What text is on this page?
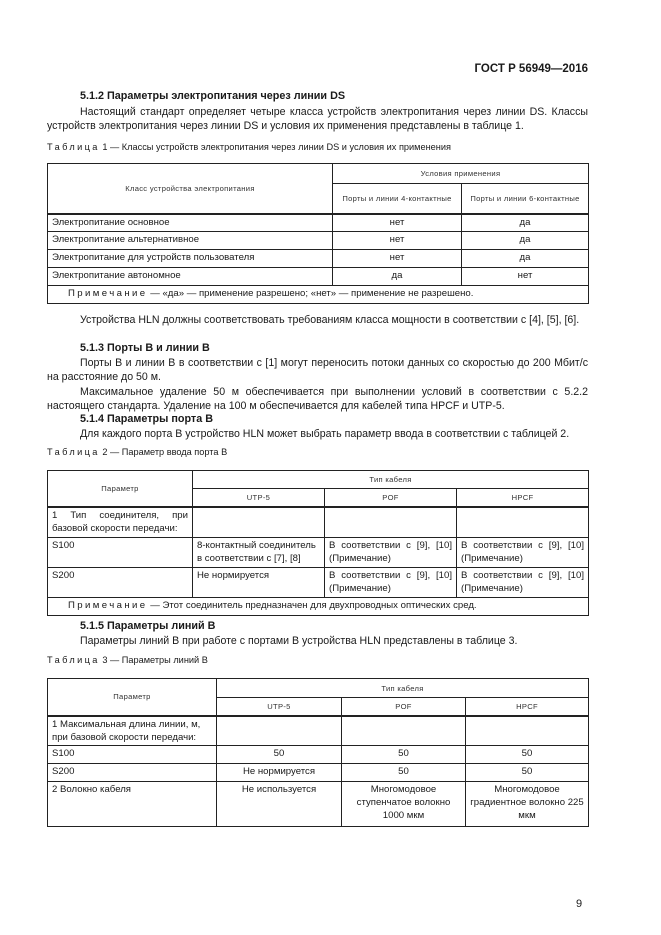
ГОСТ Р 56949—2016
5.1.2 Параметры электропитания через линии DS
Настоящий стандарт определяет четыре класса устройств электропитания через линии DS. Классы устройств электропитания через линии DS и условия их применения представлены в таблице 1.
Таблица 1 — Классы устройств электропитания через линии DS и условия их применения
Класс устройства электропитания	Условия применения	
	Порты и линии 4-контактные	Порты и линии 6-контактные
Электропитание основное	нет	да
Электропитание альтернативное	нет	да
Электропитание для устройств пользователя	нет	да
Электропитание автономное	да	нет
Примечание — «да» — применение разрешено; «нет» — применение не разрешено.		
Устройства HLN должны соответствовать требованиям класса мощности в соответствии с [4], [5], [6].
5.1.3 Порты В и линии В
Порты В и линии В в соответствии с [1] могут переносить потоки данных со скоростью до 200 Мбит/с на расстояние до 50 м.
Максимальное удаление 50 м обеспечивается при выполнении условий в соответствии с 5.2.2 настоящего стандарта. Удаление на 100 м обеспечивается для кабелей типа HPCF и UTP-5.
5.1.4 Параметры порта В
Для каждого порта В устройство HLN может выбрать параметр ввода в соответствии с таблицей 2.
Таблица 2 — Параметр ввода порта В
Параметр	Тип кабеля		
	UTP-5	POF	HPCF
1 Тип соединителя, при базовой скорости передачи:			
S100	8-контактный соединитель в соответствии с [7], [8]	В соответствии с [9], [10] (Примечание)	В соответствии с [9], [10] (Примечание)
S200	Не нормируется	В соответствии с [9], [10] (Примечание)	В соответствии с [9], [10] (Примечание)
Примечание — Этот соединитель предназначен для двухпроводных оптических сред.			
5.1.5 Параметры линий В
Параметры линий В при работе с портами В устройства HLN представлены в таблице 3.
Таблица 3 — Параметры линий В
Параметр	Тип кабеля		
	UTP-5	POF	HPCF
1 Максимальная длина линии, м, при базовой скорости передачи:			
S100	50	50	50
S200	Не нормируется	50	50
2 Волокно кабеля	Не используется	Многомодовое ступенчатое волокно 1000 мкм	Многомодовое градиентное волокно 225 мкм
9
